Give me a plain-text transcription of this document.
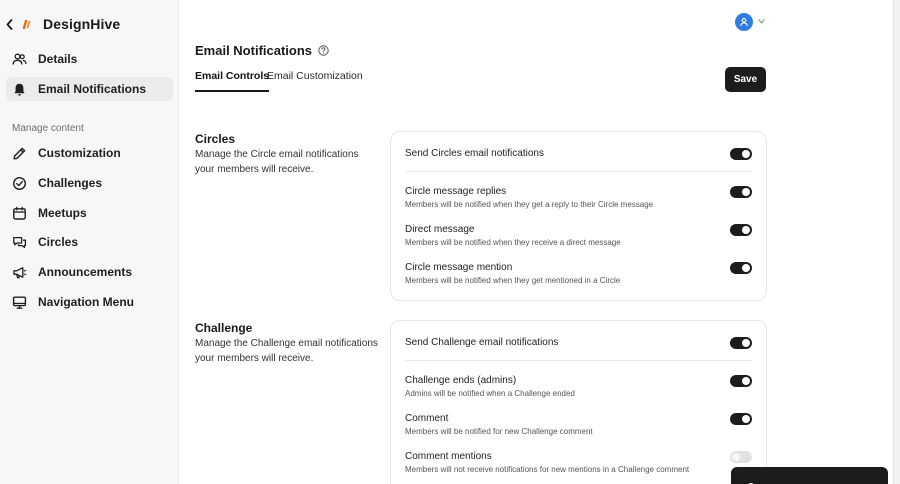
DesignHive
Details
Email Notifications
Manage content
Customization
Challenges
Meetups
Circles
Announcements
Navigation Menu
Email Notifications
Email Controls
Email Customization	Save
Circles
Manage the Circle email notifications your members will receive.
Send Circles email notifications
Circle message replies
Members will be notified when they get a reply to their Circle message
Direct message
Members will be notified when they receive a direct message
Circle message mention
Members will be notified when they get mentioned in a Circle
Challenge
Manage the Challenge email notifications your members will receive.
Send Challenge email notifications
Challenge ends (admins)
Admins will be notified when a Challenge ended
Comment
Members will be notified for new Challenge comment
Comment mentions
Members will not receive notifications for new mentions in a Challenge comment
